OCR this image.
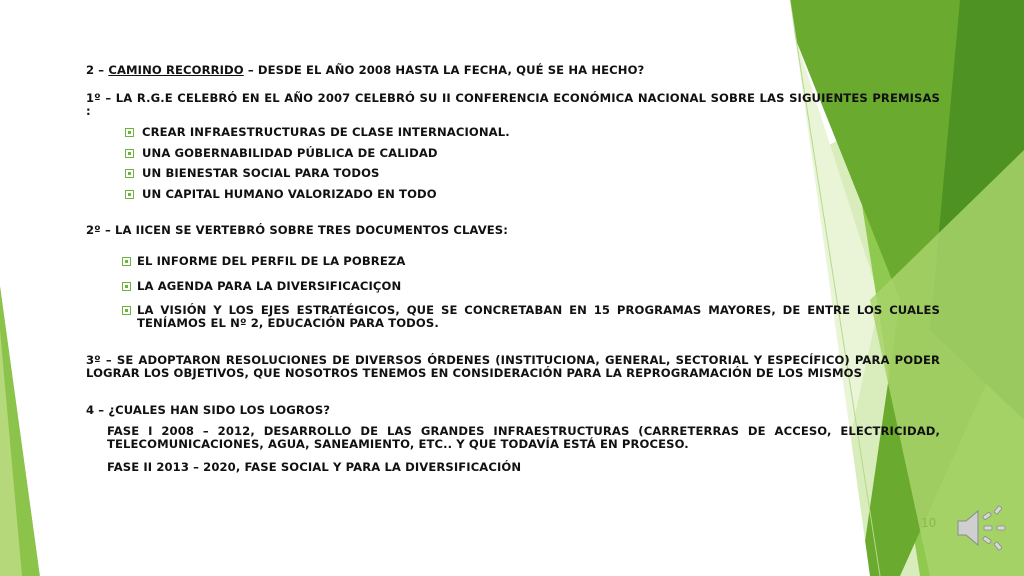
2 – CAMINO RECORRIDO – DESDE EL AÑO 2008 HASTA LA FECHA, QUÉ SE HA HECHO?
1º – LA R.G.E CELEBRÓ EN EL AÑO 2007 CELEBRÓ SU II CONFERENCIA ECONÓMICA NACIONAL SOBRE LAS SIGUIENTES PREMISAS :
CREAR INFRAESTRUCTURAS DE CLASE INTERNACIONAL.
UNA GOBERNABILIDAD PÚBLICA DE CALIDAD
UN BIENESTAR SOCIAL PARA TODOS
UN CAPITAL HUMANO VALORIZADO EN TODO
2º – LA IICEN SE VERTEBRÓ SOBRE TRES DOCUMENTOS CLAVES:
EL INFORME DEL PERFIL DE LA POBREZA
LA AGENDA PARA LA DIVERSIFICACIÇON
LA VISIÓN Y LOS EJES ESTRATÉGICOS, QUE SE CONCRETABAN EN 15 PROGRAMAS MAYORES, DE ENTRE LOS CUALES TENÍAMOS EL Nº 2, EDUCACIÓN PARA TODOS.
3º – SE ADOPTARON RESOLUCIONES DE DIVERSOS ÓRDENES (INSTITUCIONA, GENERAL, SECTORIAL Y ESPECÍFICO) PARA PODER LOGRAR LOS OBJETIVOS, QUE NOSOTROS TENEMOS EN CONSIDERACIÓN PARA LA REPROGRAMACIÓN DE LOS MISMOS
4 – ¿CUALES HAN SIDO LOS LOGROS?
FASE I 2008 – 2012, DESARROLLO DE LAS GRANDES INFRAESTRUCTURAS (CARRETERRAS DE ACCESO, ELECTRICIDAD, TELECOMUNICACIONES, AGUA, SANEAMIENTO, ETC.. Y QUE TODAVÍA ESTÁ EN PROCESO.
FASE II 2013 – 2020, FASE SOCIAL Y PARA LA DIVERSIFICACIÓN
10
